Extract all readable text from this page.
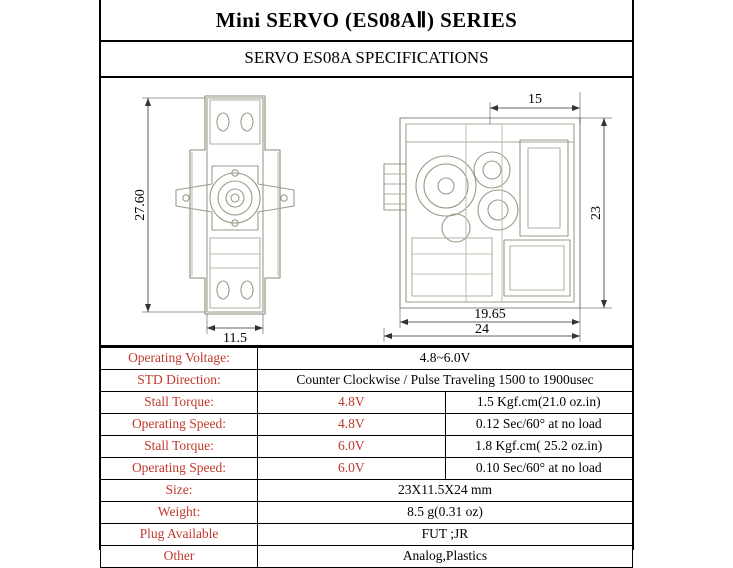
Mini SERVO (ES08AⅡ) SERIES
SERVO ES08A SPECIFICATIONS
27.60
11.5
15
23
19.65
24
Operating Voltage:	4.8~6.0V	
STD Direction:	Counter Clockwise / Pulse Traveling 1500 to 1900usec	
Stall Torque:	4.8V	1.5 Kgf.cm(21.0 oz.in)
Operating Speed:	4.8V	0.12 Sec/60° at no load
Stall Torque:	6.0V	1.8 Kgf.cm( 25.2 oz.in)
Operating Speed:	6.0V	0.10 Sec/60° at no load
Size:	23X11.5X24 mm	
Weight:	8.5 g(0.31 oz)	
Plug Available	FUT ;JR	
Other	Analog,Plastics	
